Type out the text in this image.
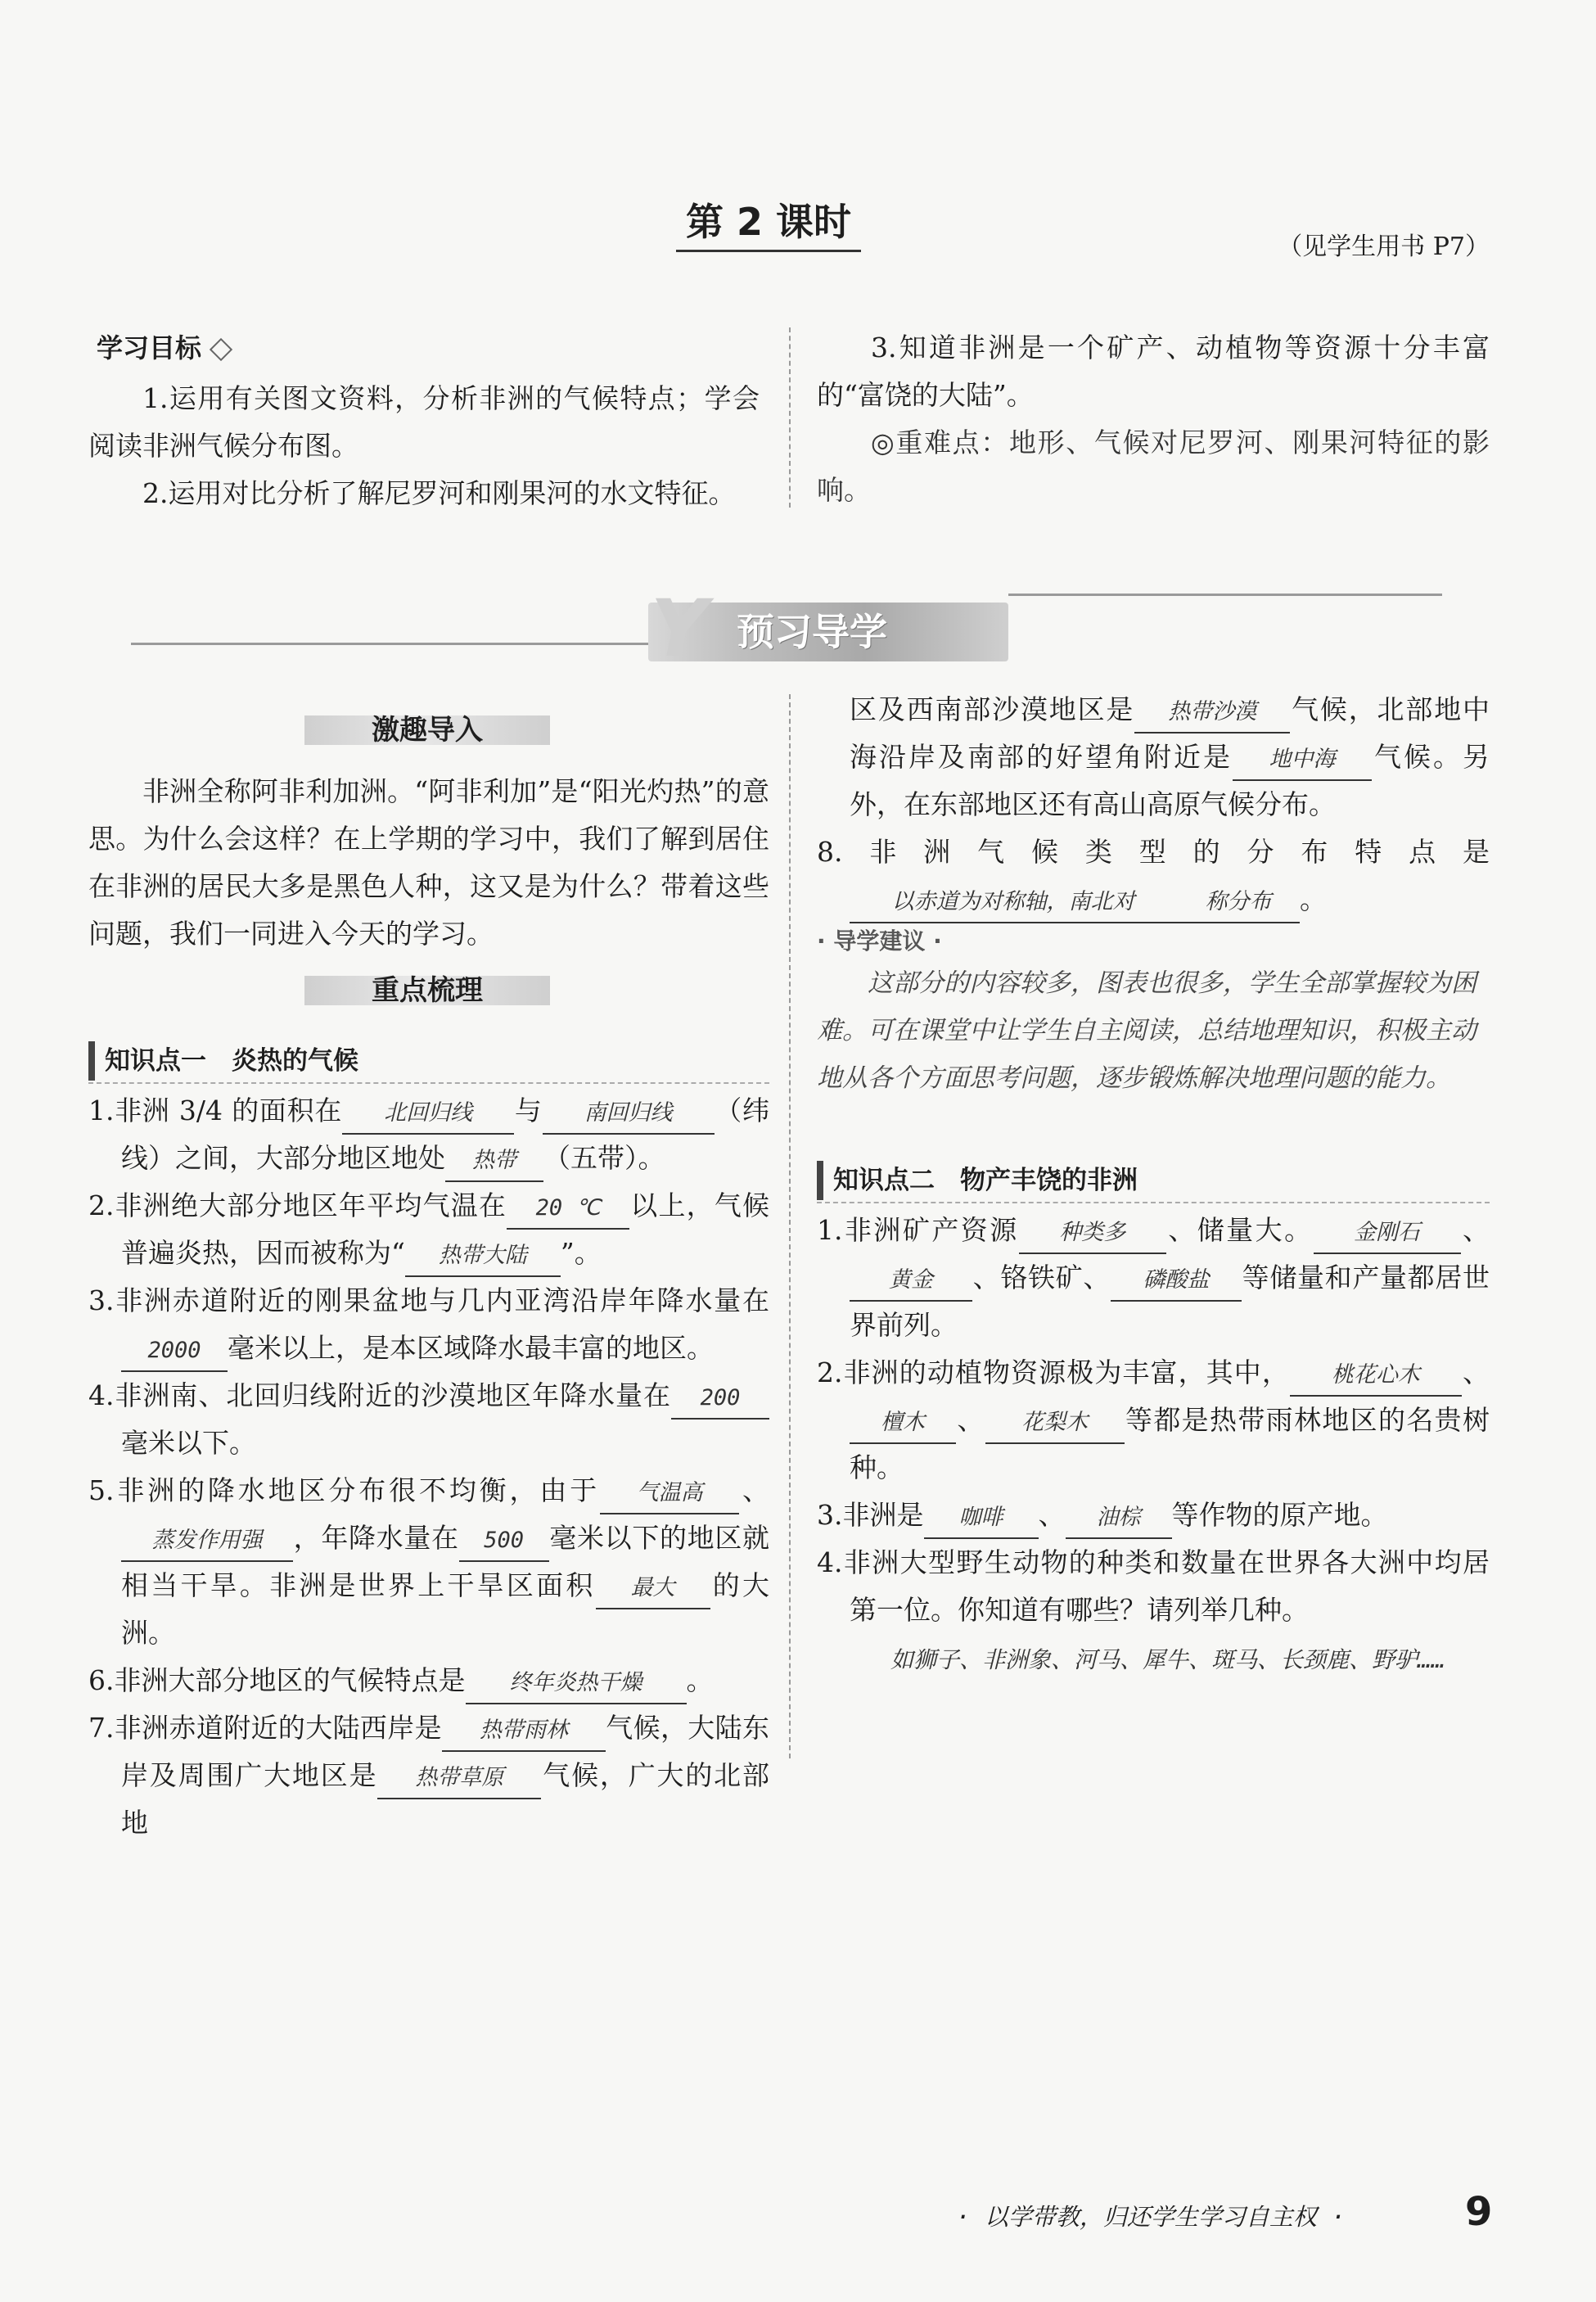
第 2 课时
（见学生用书 P7）
学习目标

1.运用有关图文资料，分析非洲的气候特点；学会阅读非洲气候分布图。

2.运用对比分析了解尼罗河和刚果河的水文特征。

3.知道非洲是一个矿产、动植物等资源十分丰富的“富饶的大陆”。

◎重难点：地形、气候对尼罗河、刚果河特征的影响。

Y 预习导学
激趣导入

非洲全称阿非利加洲。“阿非利加”是“阳光灼热”的意思。为什么会这样？在上学期的学习中，我们了解到居住在非洲的居民大多是黑色人种，这又是为什么？带着这些问题，我们一同进入今天的学习。

重点梳理
知识点一　炎热的气候
1.非洲 3/4 的面积在 北回归线 与 南回归线 （纬线）之间，大部分地区地处 热带 （五带）。
2.非洲绝大部分地区年平均气温在 20 ℃ 以上，气候普遍炎热，因而被称为“ 热带大陆 ”。
3.非洲赤道附近的刚果盆地与几内亚湾沿岸年降水量在2000 毫米以上，是本区域降水最丰富的地区。
4.非洲南、北回归线附近的沙漠地区年降水量在 200毫米以下。
5.非洲的降水地区分布很不均衡，由于 气温高 、蒸发作用强 ，年降水量在 500 毫米以下的地区就相当干旱。非洲是世界上干旱区面积 最大 的大洲。
6.非洲大部分地区的气候特点是 终年炎热干燥 。
7.非洲赤道附近的大陆西岸是 热带雨林 气候，大陆东岸及周围广大地区是 热带草原 气候，广大的北部地
区及西南部沙漠地区是 热带沙漠 气候，北部地中海沿岸及南部的好望角附近是 地中海 气候。另外，在东部地区还有高山高原气候分布。
8.非洲气候类型的分布特点是以赤道为对称轴，南北对	称分布 。
· 导学建议 ·

这部分的内容较多，图表也很多，学生全部掌握较为困难。可在课堂中让学生自主阅读，总结地理知识，积极主动地从各个方面思考问题，逐步锻炼解决地理问题的能力。

知识点二　物产丰饶的非洲
1.非洲矿产资源 种类多 、储量大。 金刚石 、黄金 、铬铁矿、 磷酸盐 等储量和产量都居世界前列。
2.非洲的动植物资源极为丰富，其中， 桃花心木 、檀木 、 花梨木 等都是热带雨林地区的名贵树种。
3.非洲是 咖啡 、 油棕 等作物的原产地。
4.非洲大型野生动物的种类和数量在世界各大洲中均居第一位。你知道有哪些？请列举几种。
如狮子、非洲象、河马、犀牛、斑马、长颈鹿、野驴……
· 以学带教，归还学生学习自主权 ·	9
